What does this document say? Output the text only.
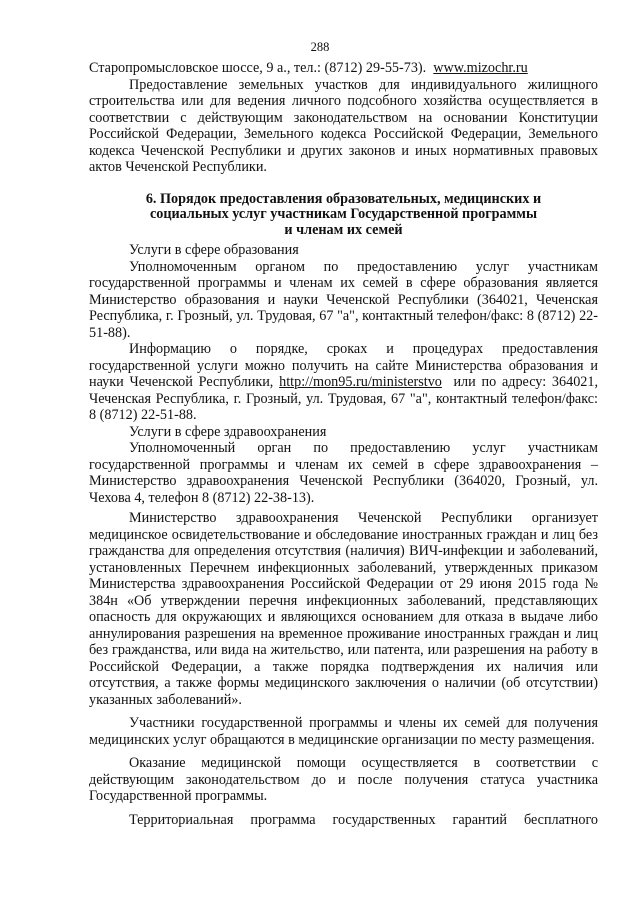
288

Старопромысловское шоссе, 9 а., тел.: (8712) 29-55-73). www.mizochr.ru

Предоставление земельных участков для индивидуального жилищного строительства или для ведения личного подсобного хозяйства осуществляется в соответствии с действующим законодательством на основании Конституции Российской Федерации, Земельного кодекса Российской Федерации, Земельного кодекса Чеченской Республики и других законов и иных нормативных правовых актов Чеченской Республики.

6. Порядок предоставления образовательных, медицинских и
социальных услуг участникам Государственной программы
и членам их семей

Услуги в сфере образования

Уполномоченным органом по предоставлению услуг участникам государственной программы и членам их семей в сфере образования является Министерство образования и науки Чеченской Республики (364021, Чеченская Республика, г. Грозный, ул. Трудовая, 67 "а", контактный телефон/факс: 8 (8712) 22-51-88).

Информацию о порядке, сроках и процедурах предоставления государственной услуги можно получить на сайте Министерства образования и науки Чеченской Республики, http://mon95.ru/ministerstvo или по адресу: 364021, Чеченская Республика, г. Грозный, ул. Трудовая, 67 "а", контактный телефон/факс: 8 (8712) 22-51-88.

Услуги в сфере здравоохранения

Уполномоченный орган по предоставлению услуг участникам государственной программы и членам их семей в сфере здравоохранения – Министерство здравоохранения Чеченской Республики (364020, Грозный, ул. Чехова 4, телефон 8 (8712) 22-38-13).

Министерство здравоохранения Чеченской Республики организует медицинское освидетельствование и обследование иностранных граждан и лиц без гражданства для определения отсутствия (наличия) ВИЧ-инфекции и заболеваний, установленных Перечнем инфекционных заболеваний, утвержденных приказом Министерства здравоохранения Российской Федерации от 29 июня 2015 года № 384н «Об утверждении перечня инфекционных заболеваний, представляющих опасность для окружающих и являющихся основанием для отказа в выдаче либо аннулирования разрешения на временное проживание иностранных граждан и лиц без гражданства, или вида на жительство, или патента, или разрешения на работу в Российской Федерации, а также порядка подтверждения их наличия или отсутствия, а также формы медицинского заключения о наличии (об отсутствии) указанных заболеваний».

Участники государственной программы и члены их семей для получения медицинских услуг обращаются в медицинские организации по месту размещения.

Оказание медицинской помощи осуществляется в соответствии с действующим законодательством до и после получения статуса участника Государственной программы.

Территориальная программа государственных гарантий бесплатного
